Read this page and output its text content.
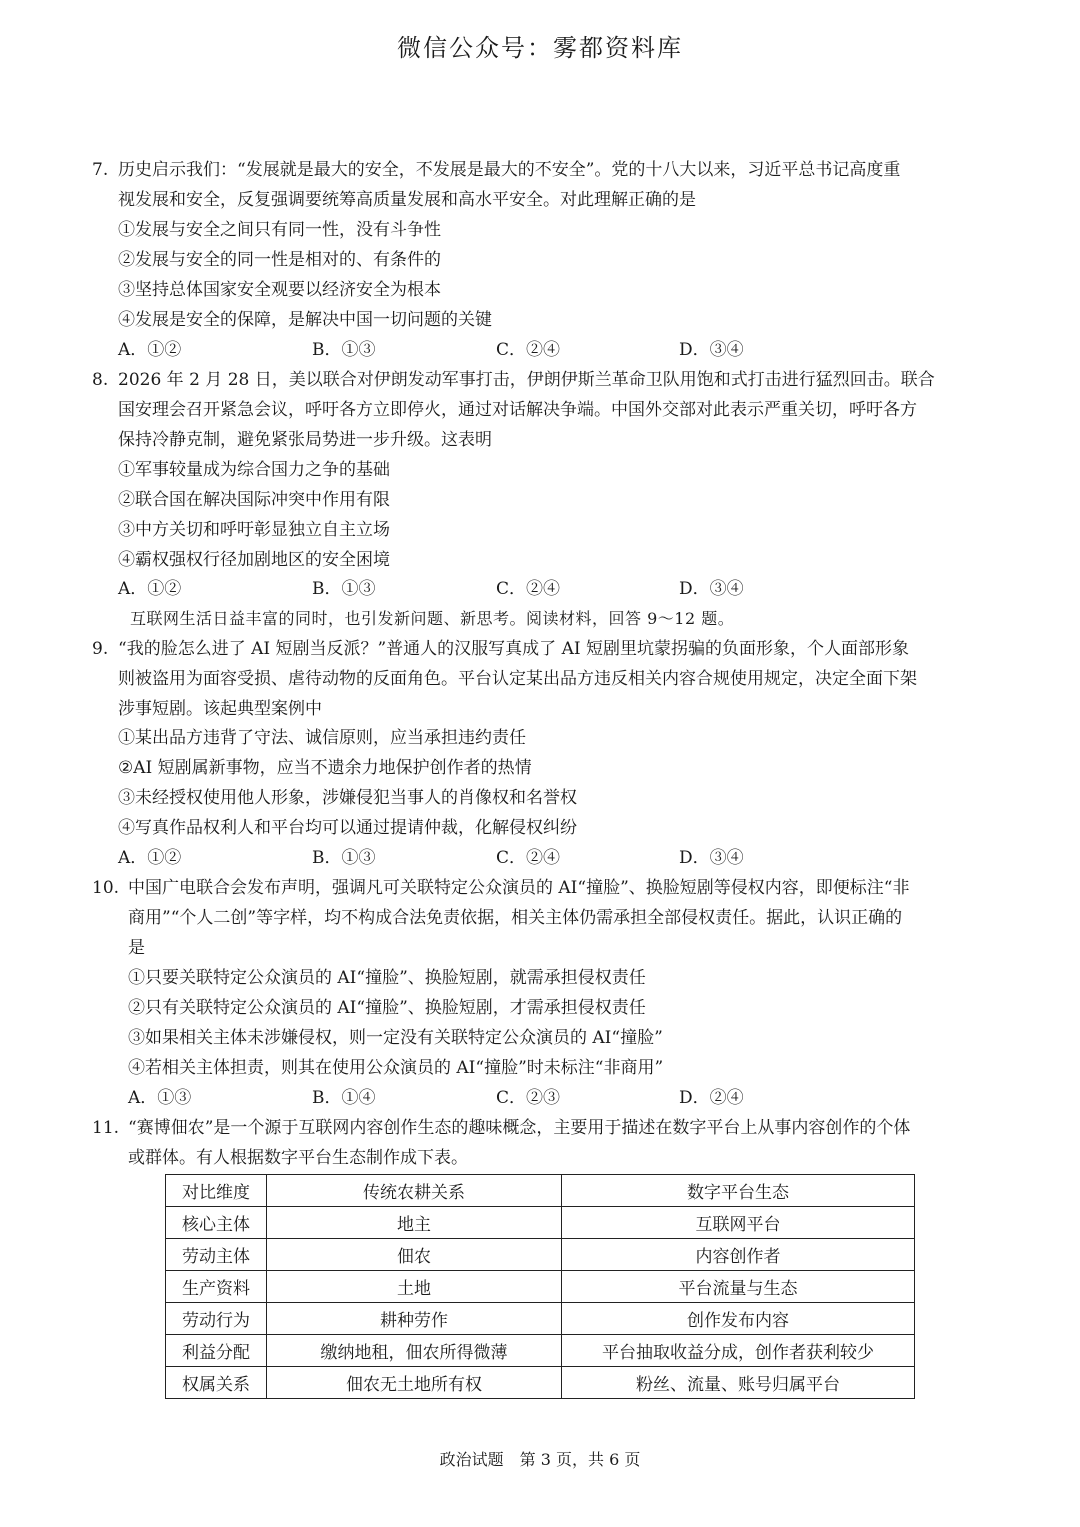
微信公众号：雾都资料库
7. 历史启示我们：“发展就是最大的安全，不发展是最大的不安全”。党的十八大以来，习近平总书记高度重
视发展和安全，反复强调要统筹高质量发展和高水平安全。对此理解正确的是
①发展与安全之间只有同一性，没有斗争性
②发展与安全的同一性是相对的、有条件的
③坚持总体国家安全观要以经济安全为根本
④发展是安全的保障，是解决中国一切问题的关键
A．①②	B．①③	C．②④	D．③④
8. 2026 年 2 月 28 日，美以联合对伊朗发动军事打击，伊朗伊斯兰革命卫队用饱和式打击进行猛烈回击。联合
国安理会召开紧急会议，呼吁各方立即停火，通过对话解决争端。中国外交部对此表示严重关切，呼吁各方
保持冷静克制，避免紧张局势进一步升级。这表明
①军事较量成为综合国力之争的基础
②联合国在解决国际冲突中作用有限
③中方关切和呼吁彰显独立自主立场
④霸权强权行径加剧地区的安全困境
A．①②	B．①③	C．②④	D．③④
互联网生活日益丰富的同时，也引发新问题、新思考。阅读材料，回答 9～12 题。
9. “我的脸怎么进了 AI 短剧当反派？”普通人的汉服写真成了 AI 短剧里坑蒙拐骗的负面形象，个人面部形象
则被盗用为面容受损、虐待动物的反面角色。平台认定某出品方违反相关内容合规使用规定，决定全面下架
涉事短剧。该起典型案例中
①某出品方违背了守法、诚信原则，应当承担违约责任
②AI 短剧属新事物，应当不遗余力地保护创作者的热情
③未经授权使用他人形象，涉嫌侵犯当事人的肖像权和名誉权
④写真作品权利人和平台均可以通过提请仲裁，化解侵权纠纷
A．①②	B．①③	C．②④	D．③④
10. 中国广电联合会发布声明，强调凡可关联特定公众演员的 AI“撞脸”、换脸短剧等侵权内容，即便标注“非
商用”“个人二创”等字样，均不构成合法免责依据，相关主体仍需承担全部侵权责任。据此，认识正确的
是
①只要关联特定公众演员的 AI“撞脸”、换脸短剧，就需承担侵权责任
②只有关联特定公众演员的 AI“撞脸”、换脸短剧，才需承担侵权责任
③如果相关主体未涉嫌侵权，则一定没有关联特定公众演员的 AI“撞脸”
④若相关主体担责，则其在使用公众演员的 AI“撞脸”时未标注“非商用”
A．①③	B．①④	C．②③	D．②④
11. “赛博佃农”是一个源于互联网内容创作生态的趣味概念，主要用于描述在数字平台上从事内容创作的个体
或群体。有人根据数字平台生态制作成下表。
对比维度	传统农耕关系	数字平台生态
核心主体	地主	互联网平台
劳动主体	佃农	内容创作者
生产资料	土地	平台流量与生态
劳动行为	耕种劳作	创作发布内容
利益分配	缴纳地租，佃农所得微薄	平台抽取收益分成，创作者获利较少
权属关系	佃农无土地所有权	粉丝、流量、账号归属平台
政治试题　第 3 页，共 6 页
